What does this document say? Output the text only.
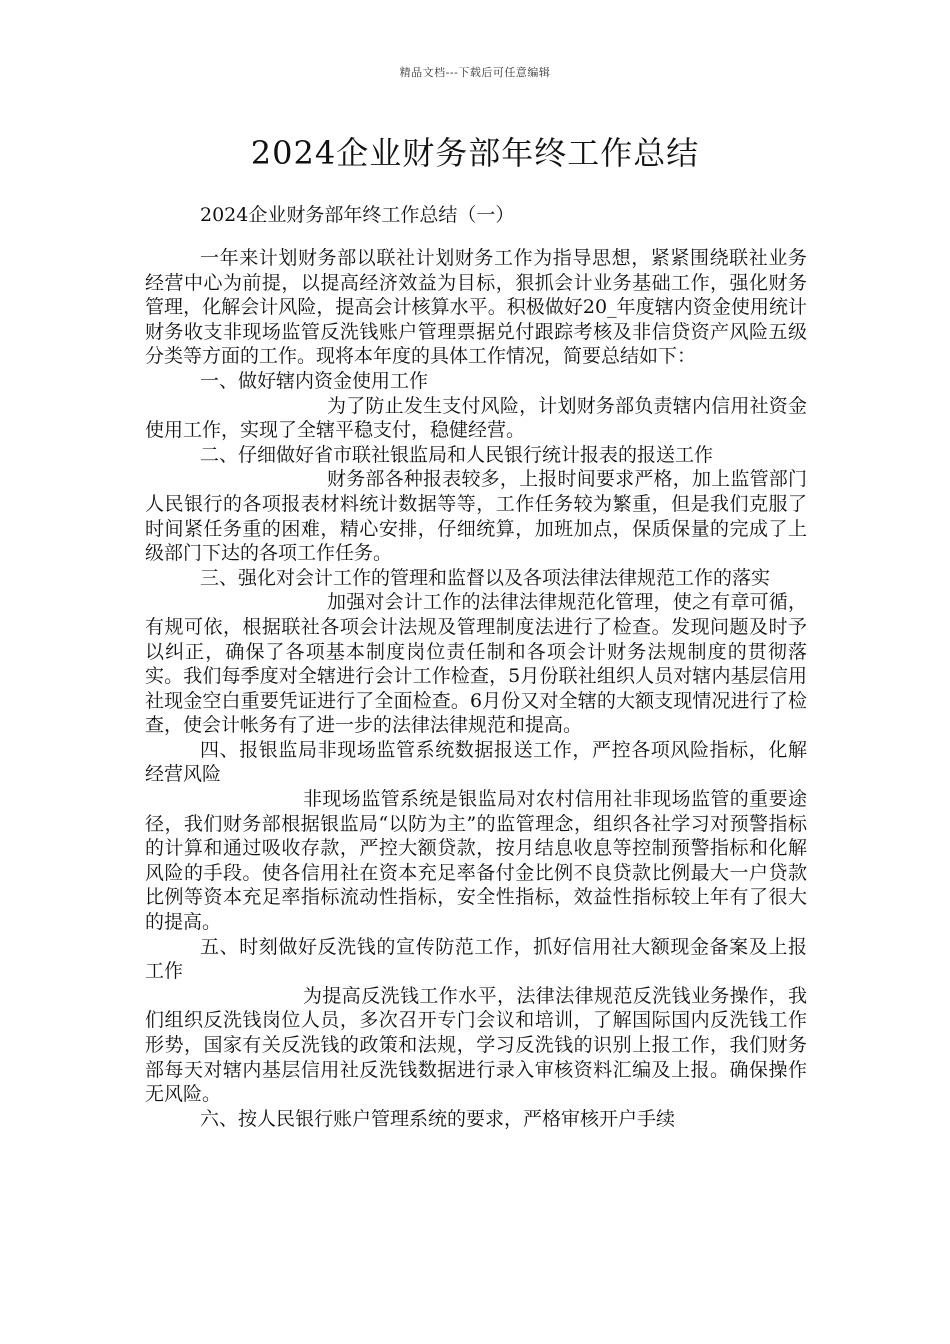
精品文档---下载后可任意编辑
2024企业财务部年终工作总结

2024企业财务部年终工作总结（一）

一年来计划财务部以联社计划财务工作为指导思想，紧紧围绕联社业务经营中心为前提，以提高经济效益为目标，狠抓会计业务基础工作，强化财务管理，化解会计风险，提高会计核算水平。积极做好20_年度辖内资金使用统计财务收支非现场监管反洗钱账户管理票据兑付跟踪考核及非信贷资产风险五级分类等方面的工作。现将本年度的具体工作情况，简要总结如下：

一、做好辖内资金使用工作

为了防止发生支付风险，计划财务部负责辖内信用社资金使用工作，实现了全辖平稳支付，稳健经营。

二、仔细做好省市联社银监局和人民银行统计报表的报送工作

财务部各种报表较多，上报时间要求严格，加上监管部门人民银行的各项报表材料统计数据等等，工作任务较为繁重，但是我们克服了时间紧任务重的困难，精心安排，仔细统算，加班加点，保质保量的完成了上级部门下达的各项工作任务。

三、强化对会计工作的管理和监督以及各项法律法律规范工作的落实

加强对会计工作的法律法律规范化管理，使之有章可循，有规可依，根据联社各项会计法规及管理制度法进行了检查。发现问题及时予以纠正，确保了各项基本制度岗位责任制和各项会计财务法规制度的贯彻落实。我们每季度对全辖进行会计工作检查，5月份联社组织人员对辖内基层信用社现金空白重要凭证进行了全面检查。6月份又对全辖的大额支现情况进行了检查，使会计帐务有了进一步的法律法律规范和提高。

四、报银监局非现场监管系统数据报送工作，严控各项风险指标，化解经营风险

非现场监管系统是银监局对农村信用社非现场监管的重要途径，我们财务部根据银监局“以防为主”的监管理念，组织各社学习对预警指标的计算和通过吸收存款，严控大额贷款，按月结息收息等控制预警指标和化解风险的手段。使各信用社在资本充足率备付金比例不良贷款比例最大一户贷款比例等资本充足率指标流动性指标，安全性指标，效益性指标较上年有了很大的提高。

五、时刻做好反洗钱的宣传防范工作，抓好信用社大额现金备案及上报工作

为提高反洗钱工作水平，法律法律规范反洗钱业务操作，我们组织反洗钱岗位人员，多次召开专门会议和培训，了解国际国内反洗钱工作形势，国家有关反洗钱的政策和法规，学习反洗钱的识别上报工作，我们财务部每天对辖内基层信用社反洗钱数据进行录入审核资料汇编及上报。确保操作无风险。

六、按人民银行账户管理系统的要求，严格审核开户手续
